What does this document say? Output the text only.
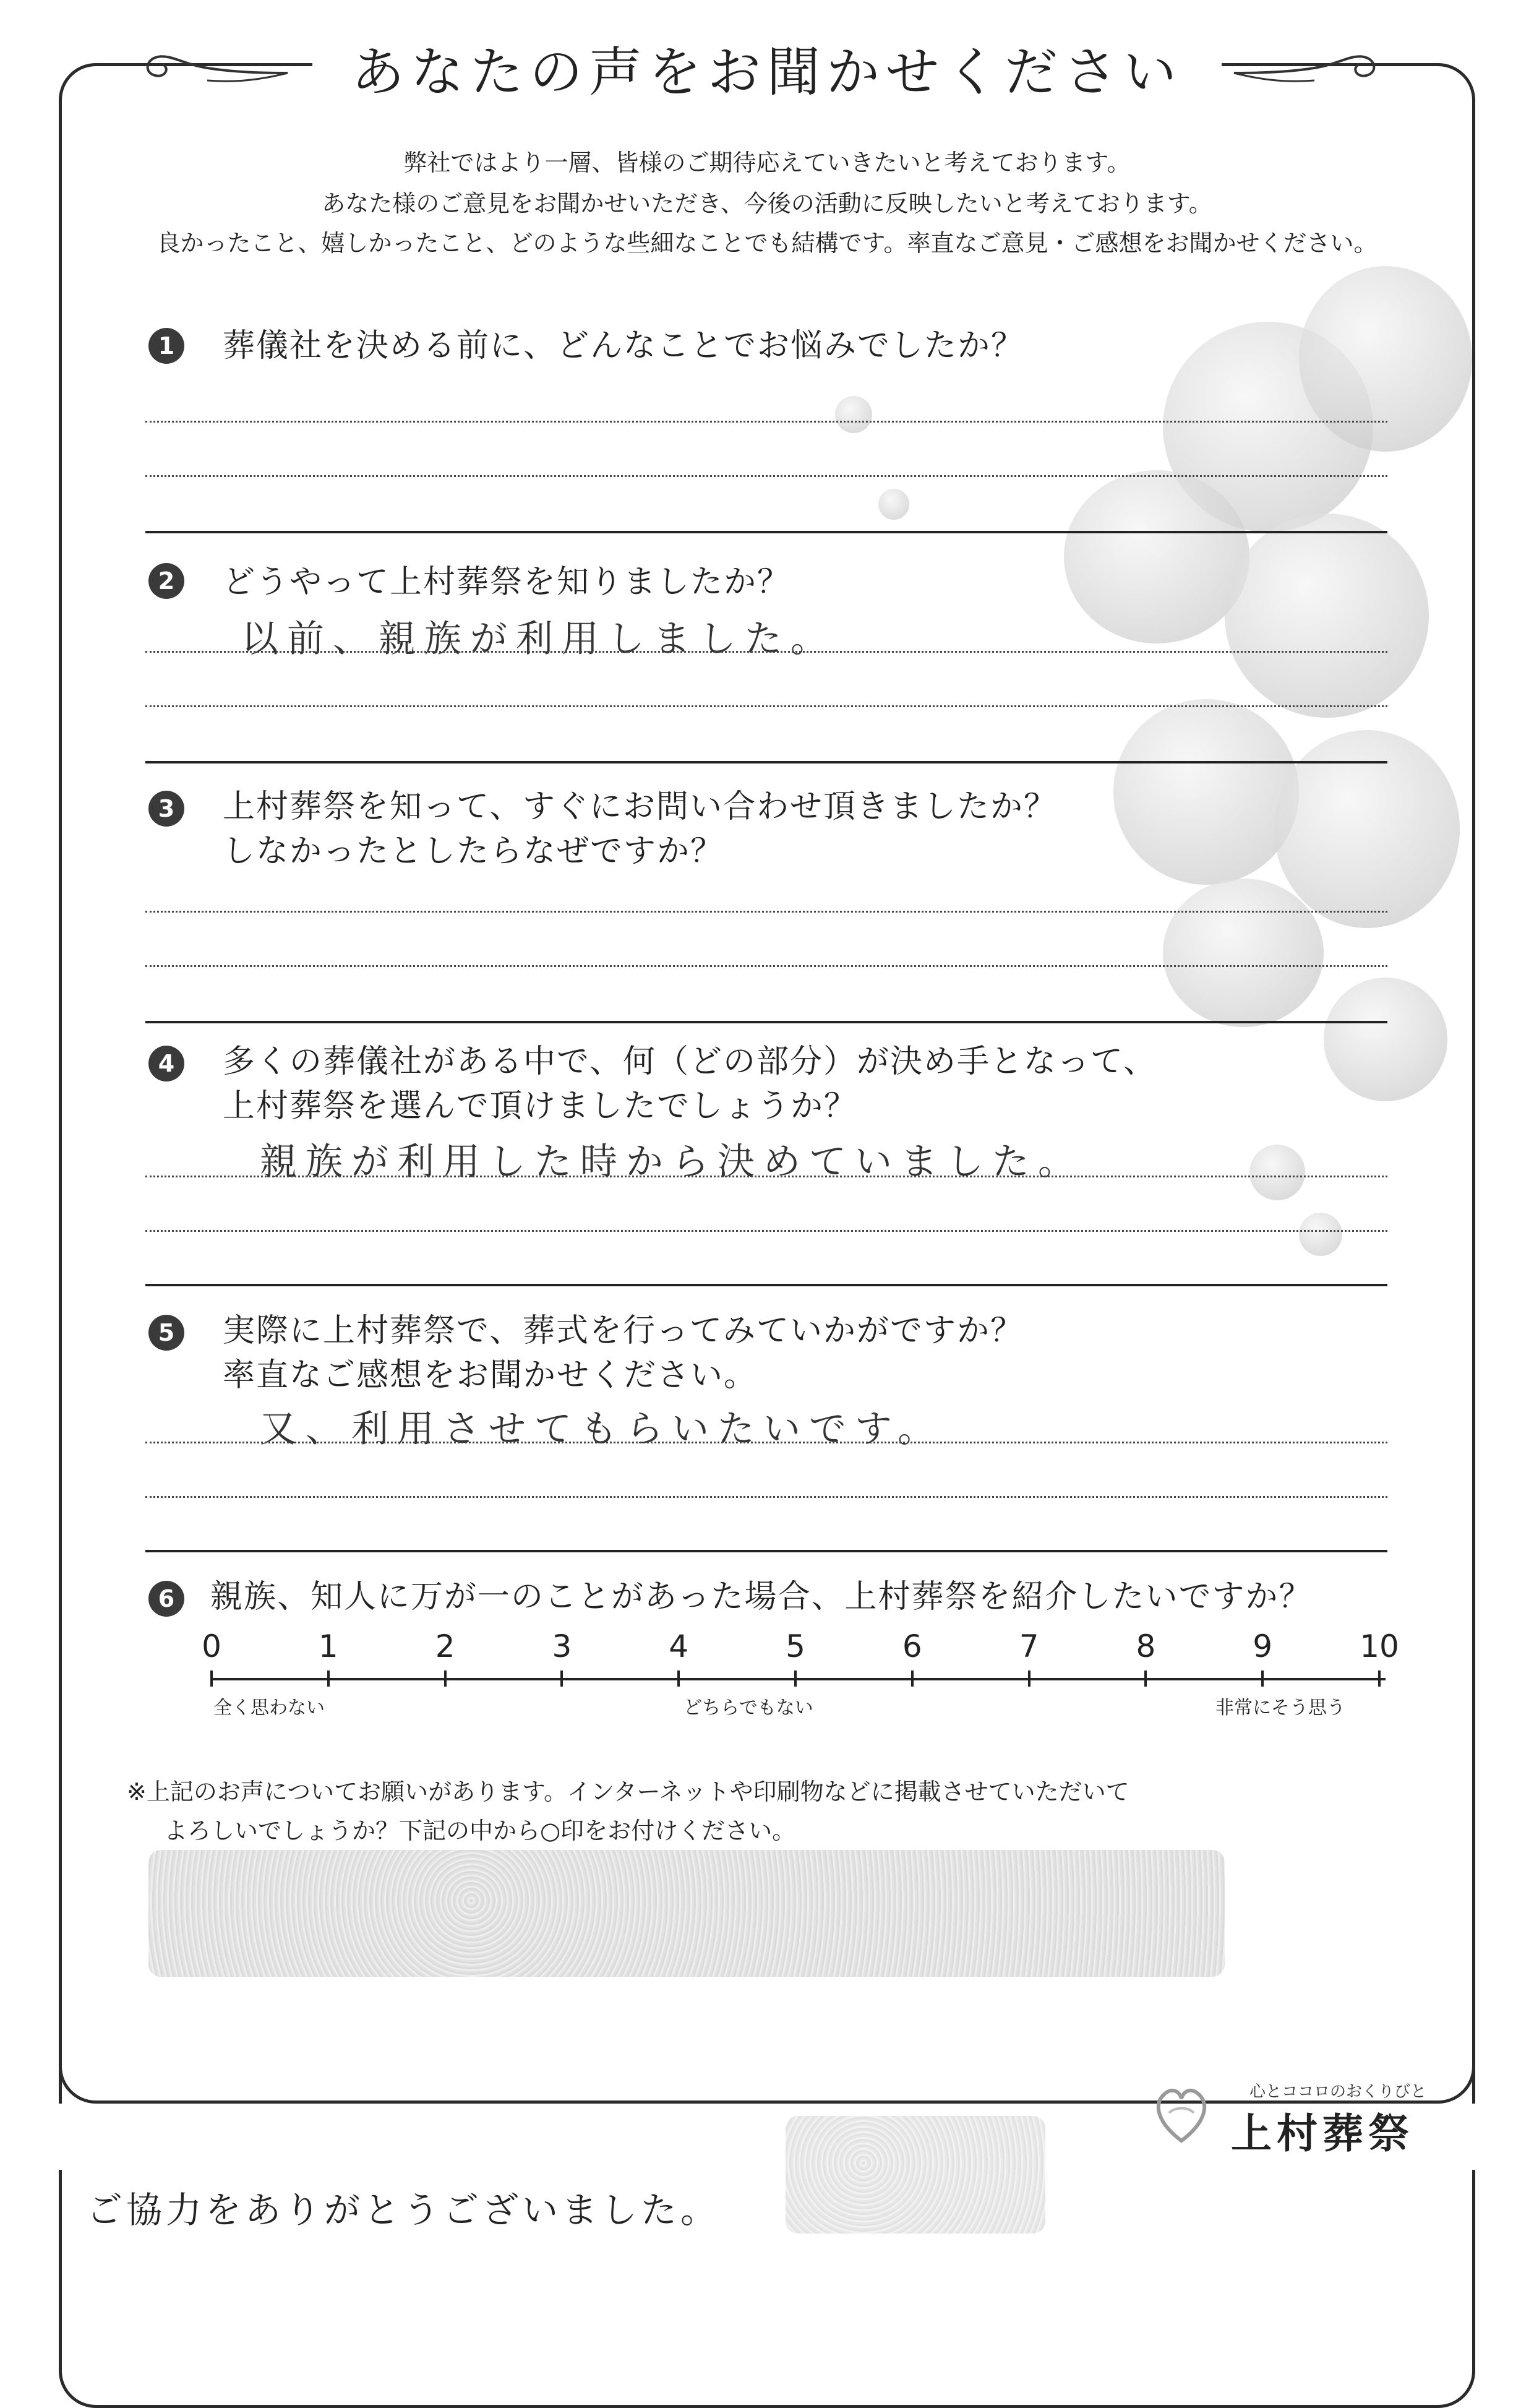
あなたの声をお聞かせください
弊社ではより一層、皆様のご期待応えていきたいと考えております。
あなた様のご意見をお聞かせいただき、今後の活動に反映したいと考えております。
良かったこと、嬉しかったこと、どのような些細なことでも結構です。率直なご意見・ご感想をお聞かせください。
1	葬儀社を決める前に、どんなことでお悩みでしたか？
2	どうやって上村葬祭を知りましたか？
以前、親族が利用しました。
3	上村葬祭を知って、すぐにお問い合わせ頂きましたか？
しなかったとしたらなぜですか？
4	多くの葬儀社がある中で、何（どの部分）が決め手となって、
上村葬祭を選んで頂けましたでしょうか？
親族が利用した時から決めていました。
5	実際に上村葬祭で、葬式を行ってみていかがですか？
率直なご感想をお聞かせください。
又、利用させてもらいたいです。
6	親族、知人に万が一のことがあった場合、上村葬祭を紹介したいですか？
0	1	2	3	4	5	6	7	8	9	10
全く思わない	どちらでもない	非常にそう思う
※上記のお声についてお願いがあります。インターネットや印刷物などに掲載させていただいて
よろしいでしょうか？下記の中から○印をお付けください。
ご協力をありがとうございました。
心とココロのおくりびと
上村葬祭
